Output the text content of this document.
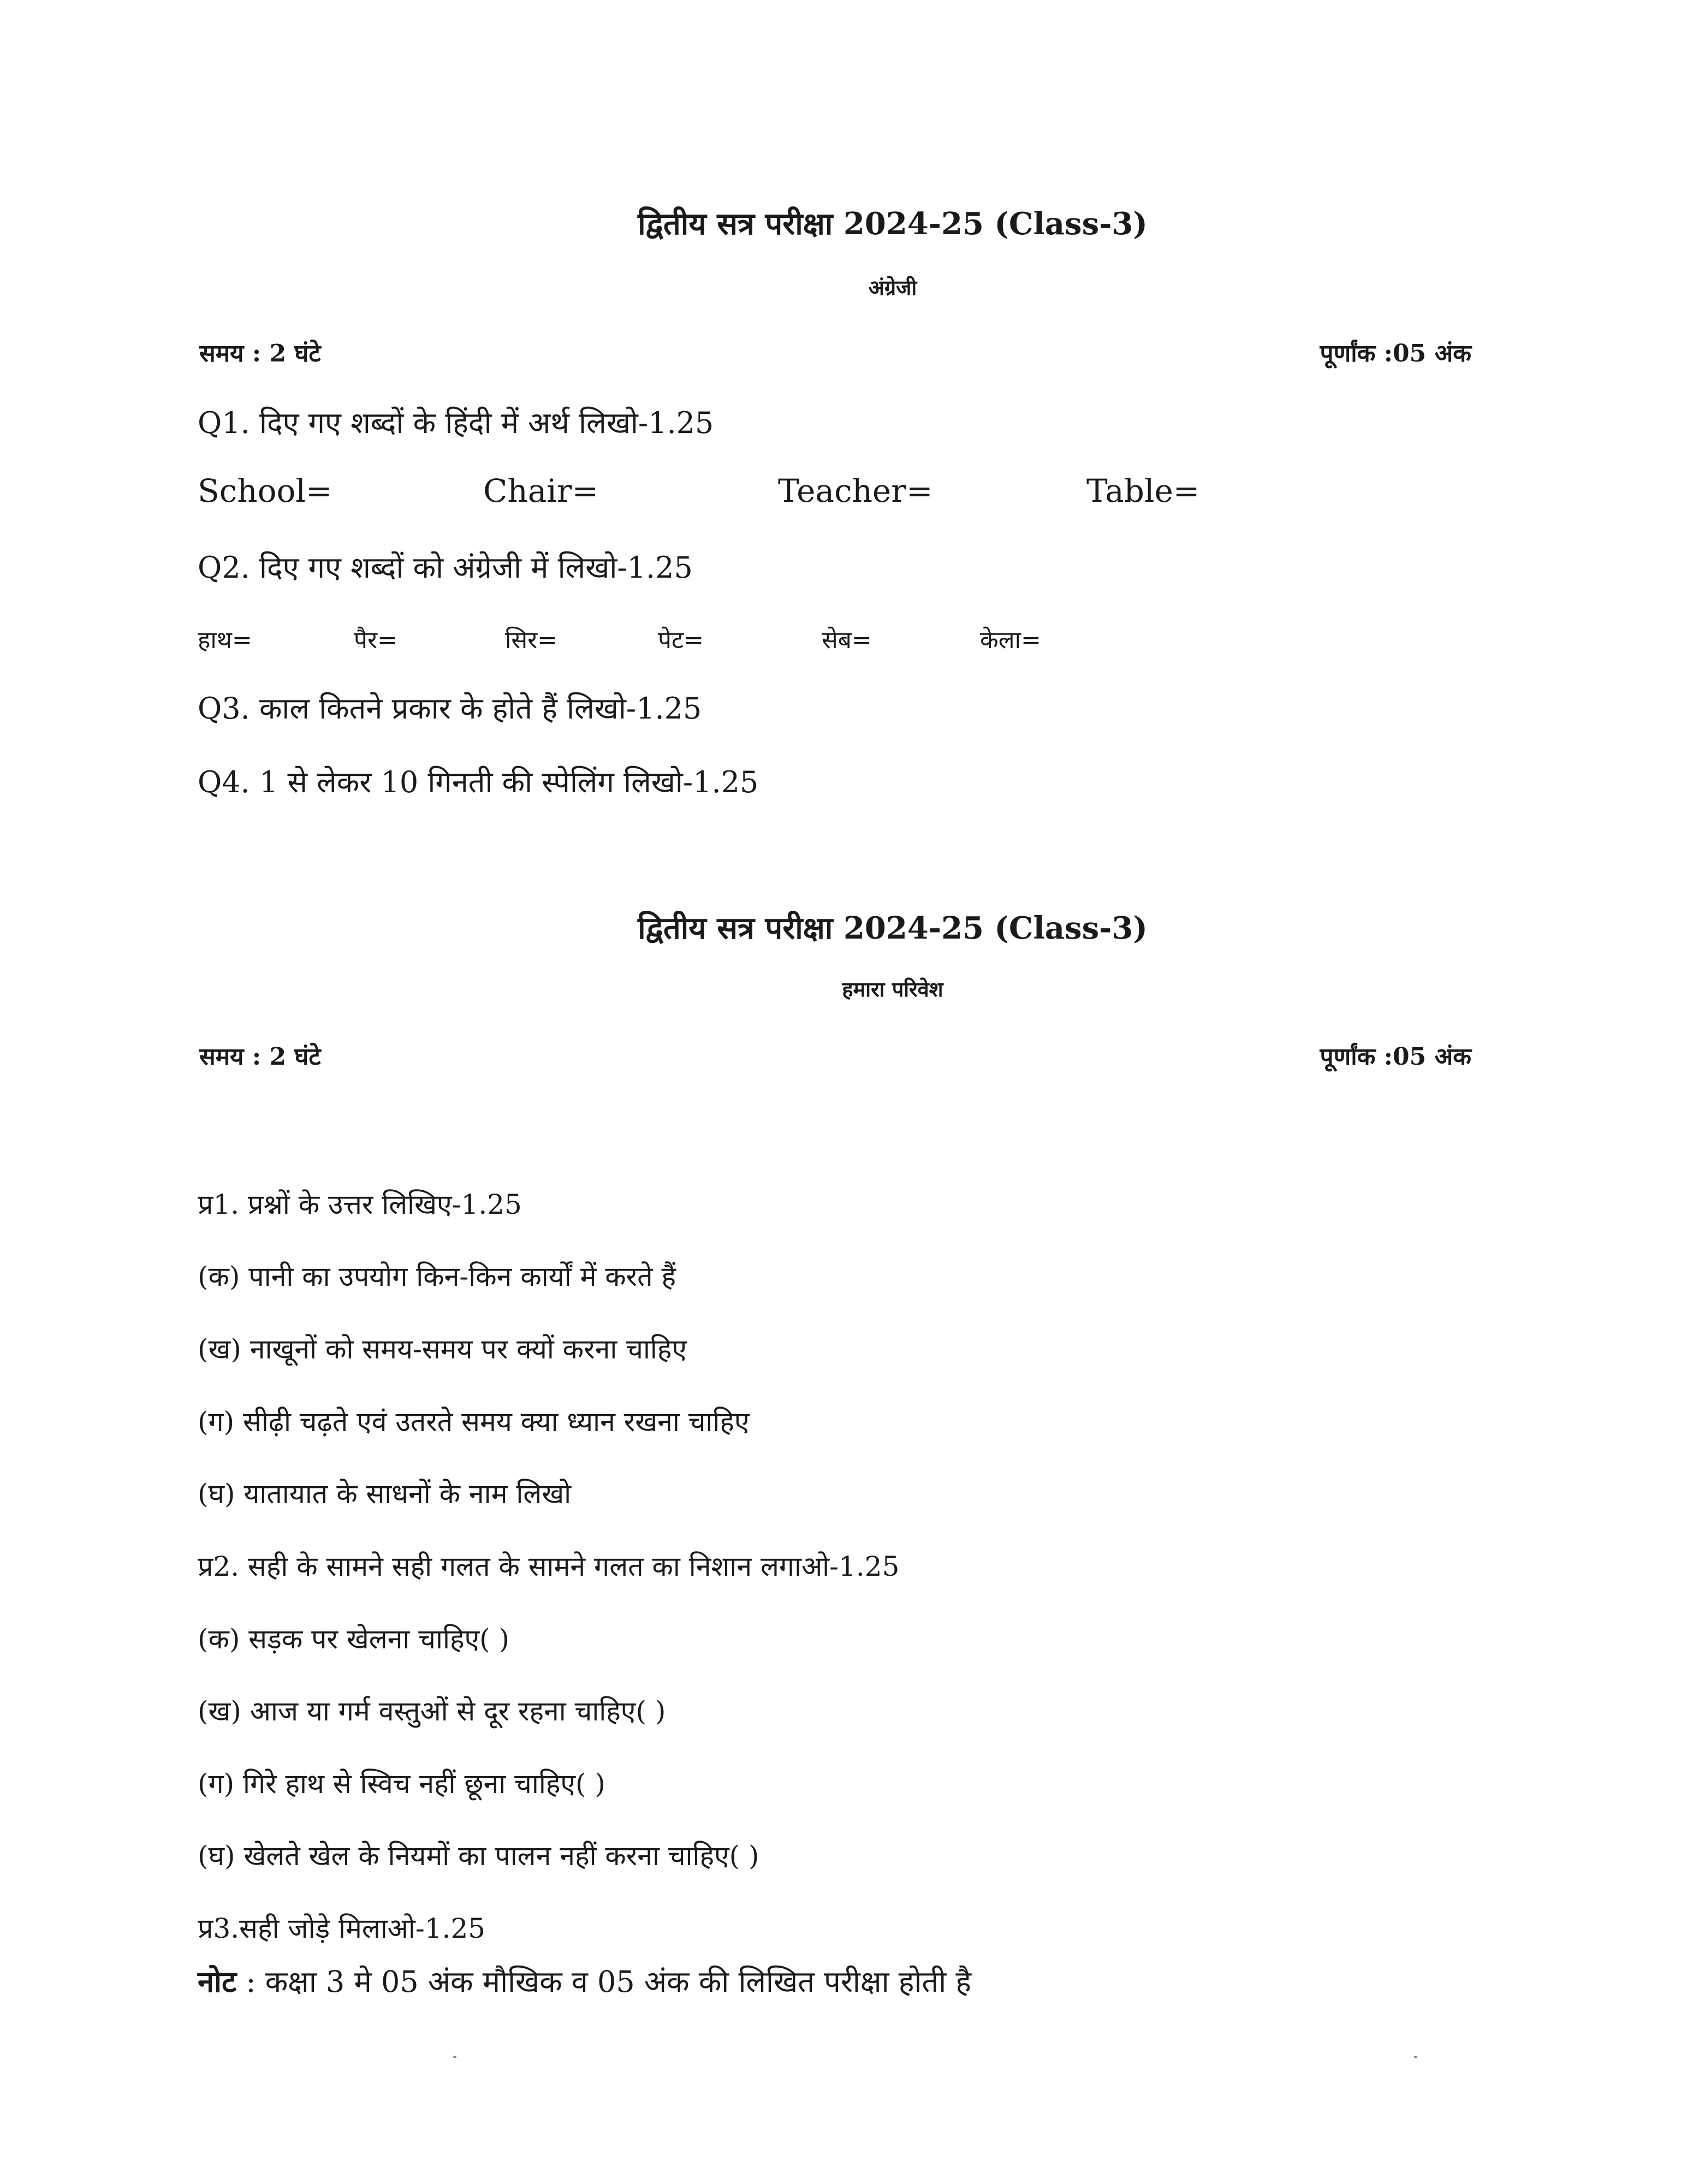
द्वितीय सत्र परीक्षा 2024-25 (Class-3)
अंग्रेजी
समय : 2 घंटे	पूर्णांक :05 अंक
Q1. दिए गए शब्दों के हिंदी में अर्थ लिखो-1.25
School=	Chair=	Teacher=	Table=
Q2. दिए गए शब्दों को अंग्रेजी में लिखो-1.25
हाथ=	पैर=	सिर=	पेट=	सेब=	केला=
Q3. काल कितने प्रकार के होते हैं लिखो-1.25
Q4. 1 से लेकर 10 गिनती की स्पेलिंग लिखो-1.25
द्वितीय सत्र परीक्षा 2024-25 (Class-3)
हमारा परिवेश
समय : 2 घंटे	पूर्णांक :05 अंक
प्र1. प्रश्नों के उत्तर लिखिए-1.25
(क) पानी का उपयोग किन-किन कार्यों में करते हैं
(ख) नाखूनों को समय-समय पर क्यों करना चाहिए
(ग) सीढ़ी चढ़ते एवं उतरते समय क्या ध्यान रखना चाहिए
(घ) यातायात के साधनों के नाम लिखो
प्र2. सही के सामने सही गलत के सामने गलत का निशान लगाओ-1.25
(क) सड़क पर खेलना चाहिए( )
(ख) आज या गर्म वस्तुओं से दूर रहना चाहिए( )
(ग) गिरे हाथ से स्विच नहीं छूना चाहिए( )
(घ) खेलते खेल के नियमों का पालन नहीं करना चाहिए( )
प्र3.सही जोड़े मिलाओ-1.25
नोट : कक्षा 3 मे 05 अंक मौखिक व 05 अंक की लिखित परीक्षा होती है
